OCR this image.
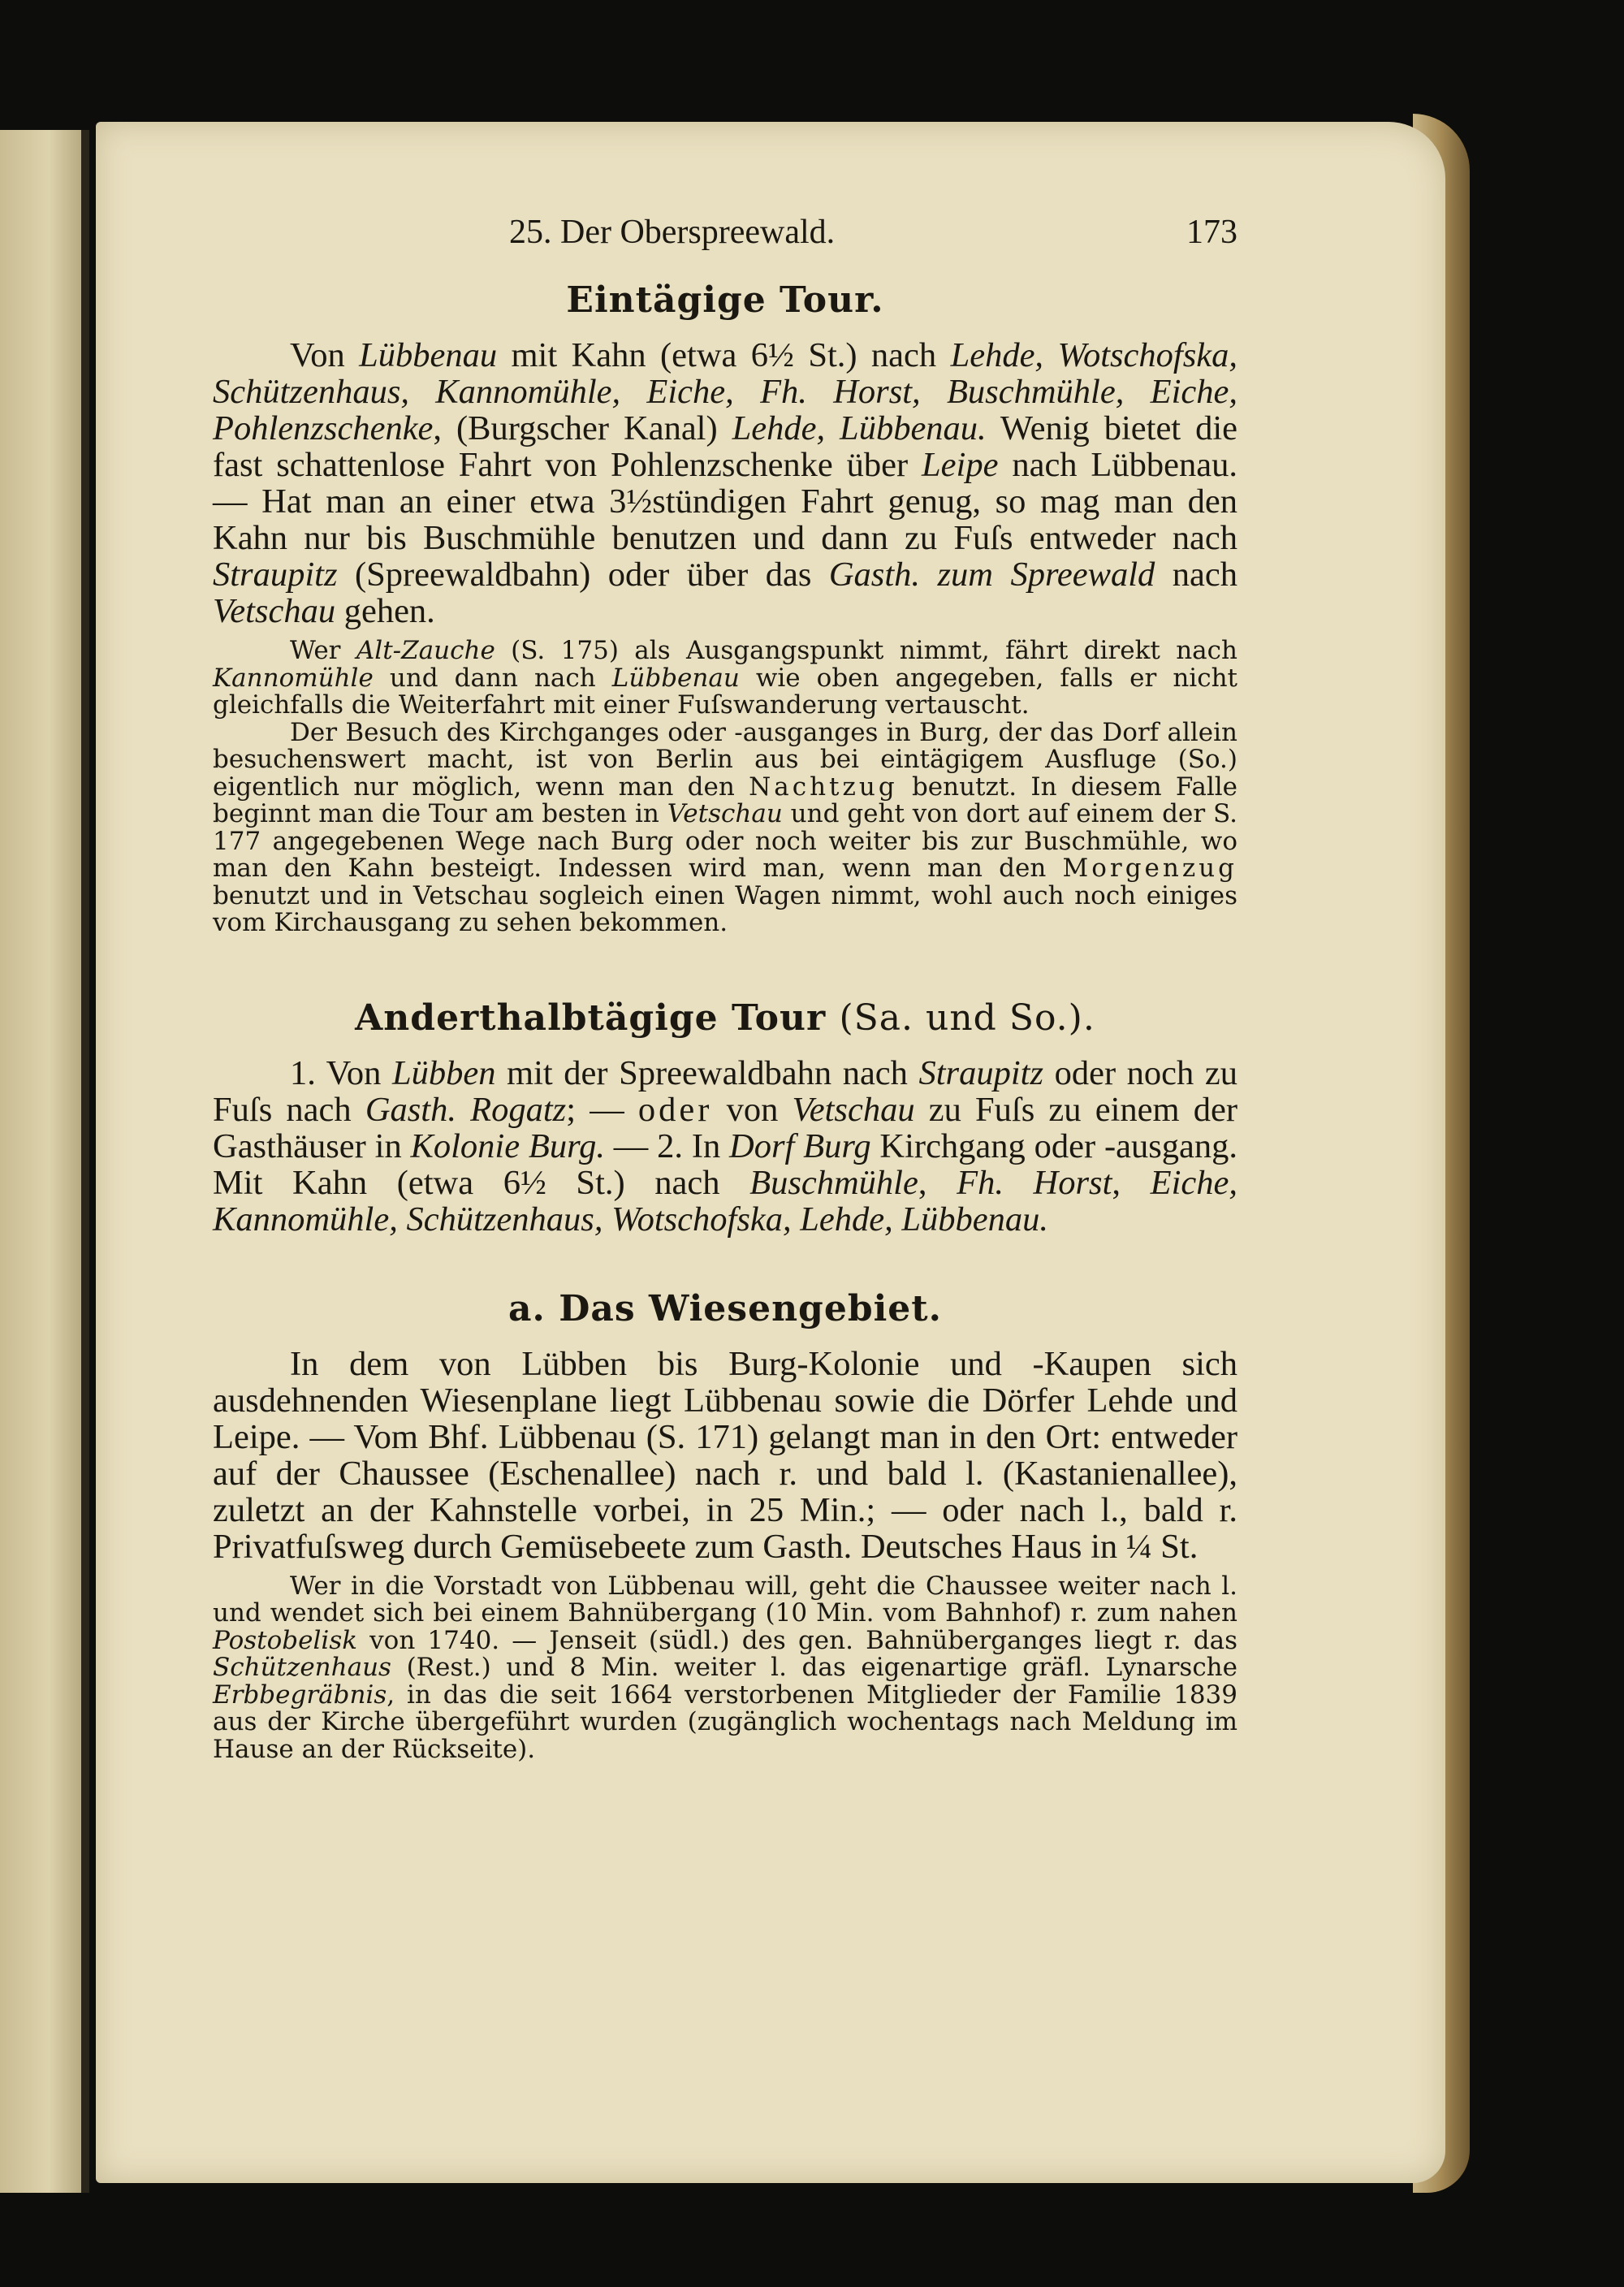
25. Der Oberspreewald.	173
Eintägige Tour.

Von Lübbenau mit Kahn (etwa 6½ St.) nach Lehde, Wotschofska, Schützenhaus, Kannomühle, Eiche, Fh. Horst, Buschmühle, Eiche, Pohlenzschenke, (Burgscher Kanal) Lehde, Lübbenau. Wenig bietet die fast schattenlose Fahrt von Pohlenzschenke über Leipe nach Lübbenau. — Hat man an einer etwa 3½stündigen Fahrt genug, so mag man den Kahn nur bis Buschmühle benutzen und dann zu Fuſs entweder nach Straupitz (Spreewaldbahn) oder über das Gasth. zum Spreewald nach Vetschau gehen.

Wer Alt-Zauche (S. 175) als Ausgangspunkt nimmt, fährt direkt nach Kannomühle und dann nach Lübbenau wie oben angegeben, falls er nicht gleichfalls die Weiterfahrt mit einer Fuſswanderung vertauscht.

Der Besuch des Kirchganges oder -ausganges in Burg, der das Dorf allein besuchenswert macht, ist von Berlin aus bei eintägigem Ausfluge (So.) eigentlich nur möglich, wenn man den Nachtzug benutzt. In diesem Falle beginnt man die Tour am besten in Vetschau und geht von dort auf einem der S. 177 angegebenen Wege nach Burg oder noch weiter bis zur Buschmühle, wo man den Kahn besteigt. Indessen wird man, wenn man den Morgenzug benutzt und in Vetschau sogleich einen Wagen nimmt, wohl auch noch einiges vom Kirchausgang zu sehen bekommen.

Anderthalbtägige Tour (Sa. und So.).

1. Von Lübben mit der Spreewaldbahn nach Straupitz oder noch zu Fuſs nach Gasth. Rogatz; — oder von Vetschau zu Fuſs zu einem der Gasthäuser in Kolonie Burg. — 2. In Dorf Burg Kirchgang oder -ausgang. Mit Kahn (etwa 6½ St.) nach Buschmühle, Fh. Horst, Eiche, Kannomühle, Schützenhaus, Wotschofska, Lehde, Lübbenau.

a. Das Wiesengebiet.

In dem von Lübben bis Burg-Kolonie und -Kaupen sich ausdehnenden Wiesenplane liegt Lübbenau sowie die Dörfer Lehde und Leipe. — Vom Bhf. Lübbenau (S. 171) gelangt man in den Ort: entweder auf der Chaussee (Eschenallee) nach r. und bald l. (Kastanienallee), zuletzt an der Kahnstelle vorbei, in 25 Min.; — oder nach l., bald r. Privatfuſsweg durch Gemüsebeete zum Gasth. Deutsches Haus in ¼ St.

Wer in die Vorstadt von Lübbenau will, geht die Chaussee weiter nach l. und wendet sich bei einem Bahnübergang (10 Min. vom Bahnhof) r. zum nahen Postobelisk von 1740. — Jenseit (südl.) des gen. Bahnüberganges liegt r. das Schützenhaus (Rest.) und 8 Min. weiter l. das eigenartige gräfl. Lynarsche Erbbegräbnis, in das die seit 1664 verstorbenen Mitglieder der Familie 1839 aus der Kirche übergeführt wurden (zugänglich wochentags nach Meldung im Hause an der Rückseite).
